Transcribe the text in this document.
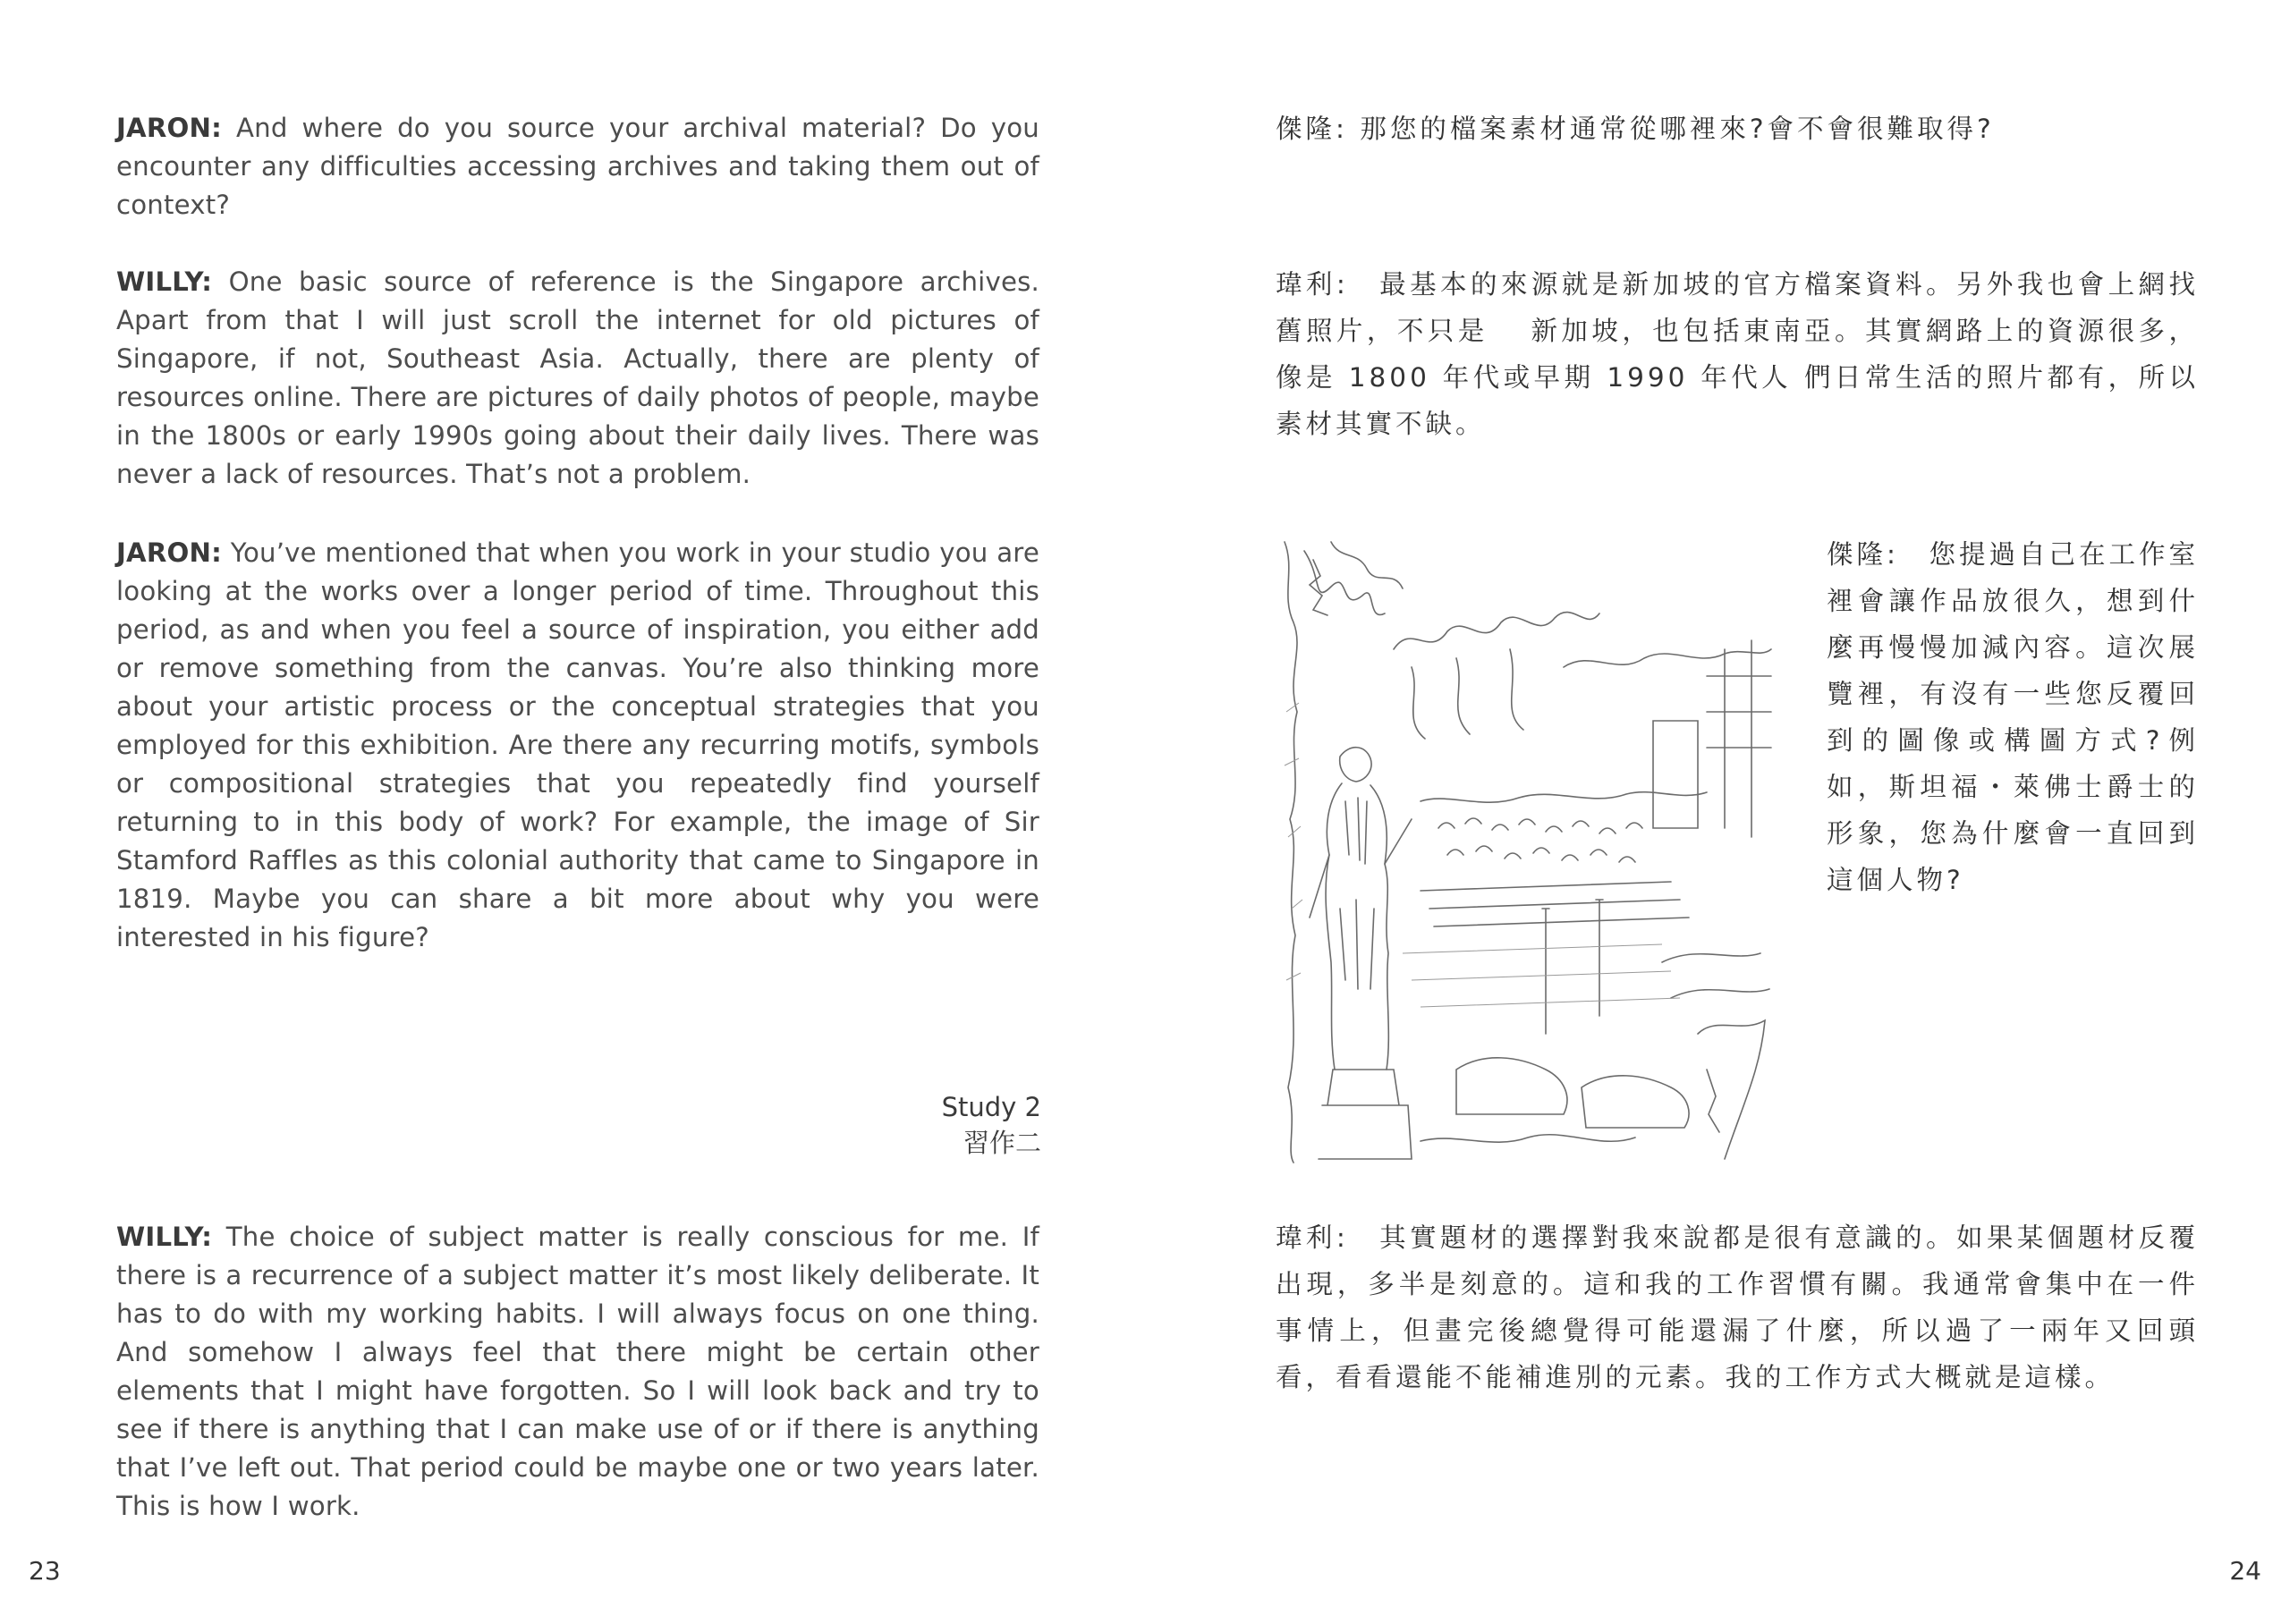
JARON: And where do you source your archival material? Do you encounter any difficulties accessing archives and taking them out of context?

WILLY: One basic source of reference is the Singapore archives. Apart from that I will just scroll the internet for old pictures of Singapore, if not, Southeast Asia. Actually, there are plenty of resources online. There are pictures of daily photos of people, maybe in the 1800s or early 1990s going about their daily lives. There was never a lack of resources. That’s not a problem.

JARON: You’ve mentioned that when you work in your studio you are looking at the works over a longer period of time. Throughout this period, as and when you feel a source of inspiration, you either add or remove something from the canvas. You’re also thinking more about your artistic process or the conceptual strategies that you employed for this exhibition. Are there any recurring motifs, symbols or compositional strategies that you repeatedly find yourself returning to in this body of work? For example, the image of Sir Stamford Raffles as this colonial authority that came to Singapore in 1819. Maybe you can share a bit more about why you were interested in his figure?

Study 2
習作二

WILLY: The choice of subject matter is really conscious for me. If there is a recurrence of a subject matter it’s most likely deliberate. It has to do with my working habits. I will always focus on one thing. And somehow I always feel that there might be certain other elements that I might have forgotten. So I will look back and try to see if there is anything that I can make use of or if there is anything that I’ve left out. That period could be maybe one or two years later. This is how I work.

23

傑隆: 那您的檔案素材通常從哪裡來?會不會很難取得?

瑋利:　最基本的來源就是新加坡的官方檔案資料。另外我也會上網找舊照片，不只是　 新加坡，也包括東南亞。其實網路上的資源很多，像是 1800 年代或早期 1990 年代人 們日常生活的照片都有，所以素材其實不缺。

傑隆:　您提過自己在工作室裡會讓作品放很久，想到什麼再慢慢加減內容。這次展覽裡，有沒有一些您反覆回到的圖像或構圖方式?例如，斯坦福・萊佛士爵士的形象，您為什麼會一直回到這個人物?

瑋利:　其實題材的選擇對我來說都是很有意識的。如果某個題材反覆出現，多半是刻意的。這和我的工作習慣有關。我通常會集中在一件事情上，但畫完後總覺得可能還漏了什麼，所以過了一兩年又回頭看，看看還能不能補進別的元素。我的工作方式大概就是這樣。

24
